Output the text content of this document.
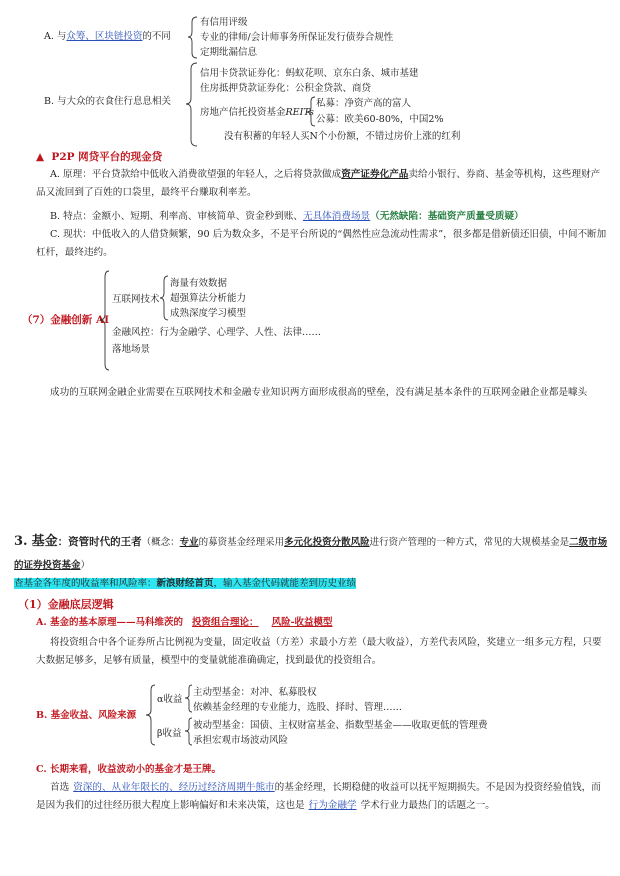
A. 与众筹、区块链投资的不同
有信用评级
专业的律师/会计师事务所保证发行债券合规性
定期纰漏信息
B. 与大众的衣食住行息息相关
信用卡贷款证券化：蚂蚁花呗、京东白条、城市基建
住房抵押贷款证券化：公积金贷款、商贷
房地产信托投资基金REITs
私募：净资产高的富人
公募：欧美60-80%，中国2%
没有积蓄的年轻人买N个小份额，不错过房价上涨的红利
▲ P2P 网贷平台的现金贷
A. 原理：平台贷款给中低收入消费欲望强的年轻人，之后将贷款做成资产证券化产品卖给小银行、券商、基金等机构，这些理财产品又流回到了百姓的口袋里，最终平台赚取利率差。
B. 特点：金额小、短期、利率高、审核简单、资金秒到账、无具体消费场景（无然缺陷：基础资产质量受质疑）
C. 现状：中低收入的人借贷频繁，90 后为数众多，不是平台所说的“偶然性应急流动性需求”，很多都是借新债还旧债，中间不断加杠杆，最终违约。
（7）金融创新 AI
互联网技术
海量有效数据
超强算法分析能力
成熟深度学习模型
金融风控：行为金融学、心理学、人性、法律……
落地场景
成功的互联网金融企业需要在互联网技术和金融专业知识两方面形成很高的壁垒，没有满足基本条件的互联网金融企业都是噱头
3. 基金：资管时代的王者（概念：专业的募资基金经理采用多元化投资分散风险进行资产管理的一种方式，常见的大规模基金是二级市场的证券投资基金）
查基金各年度的收益率和风险率：新浪财经首页，输入基金代码就能差到历史业绩
（1）金融底层逻辑
A. 基金的基本原理——马科维茨的 投资组合理论： 风险-收益模型
将投资组合中各个证券所占比例视为变量，固定收益（方差）求最小方差（最大收益），方差代表风险，奖建立一组多元方程，只要大数据足够多，足够有质量，模型中的变量就能准确确定，找到最优的投资组合。
B. 基金收益、风险来源
α收益
主动型基金：对冲、私募股权
依赖基金经理的专业能力，选股、择时、管理……
β收益
被动型基金：国债、主权财富基金、指数型基金——收取更低的管理费
承担宏观市场波动风险
C. 长期来看，收益波动小的基金才是王牌。
首选 资深的、从业年限长的、经历过经济周期牛熊市的基金经理，长期稳健的收益可以抚平短期损失。不是因为投资经验值钱，而是因为我们的过往经历很大程度上影响偏好和未来决策，这也是 行为金融学 学术行业力最热门的话题之一。
